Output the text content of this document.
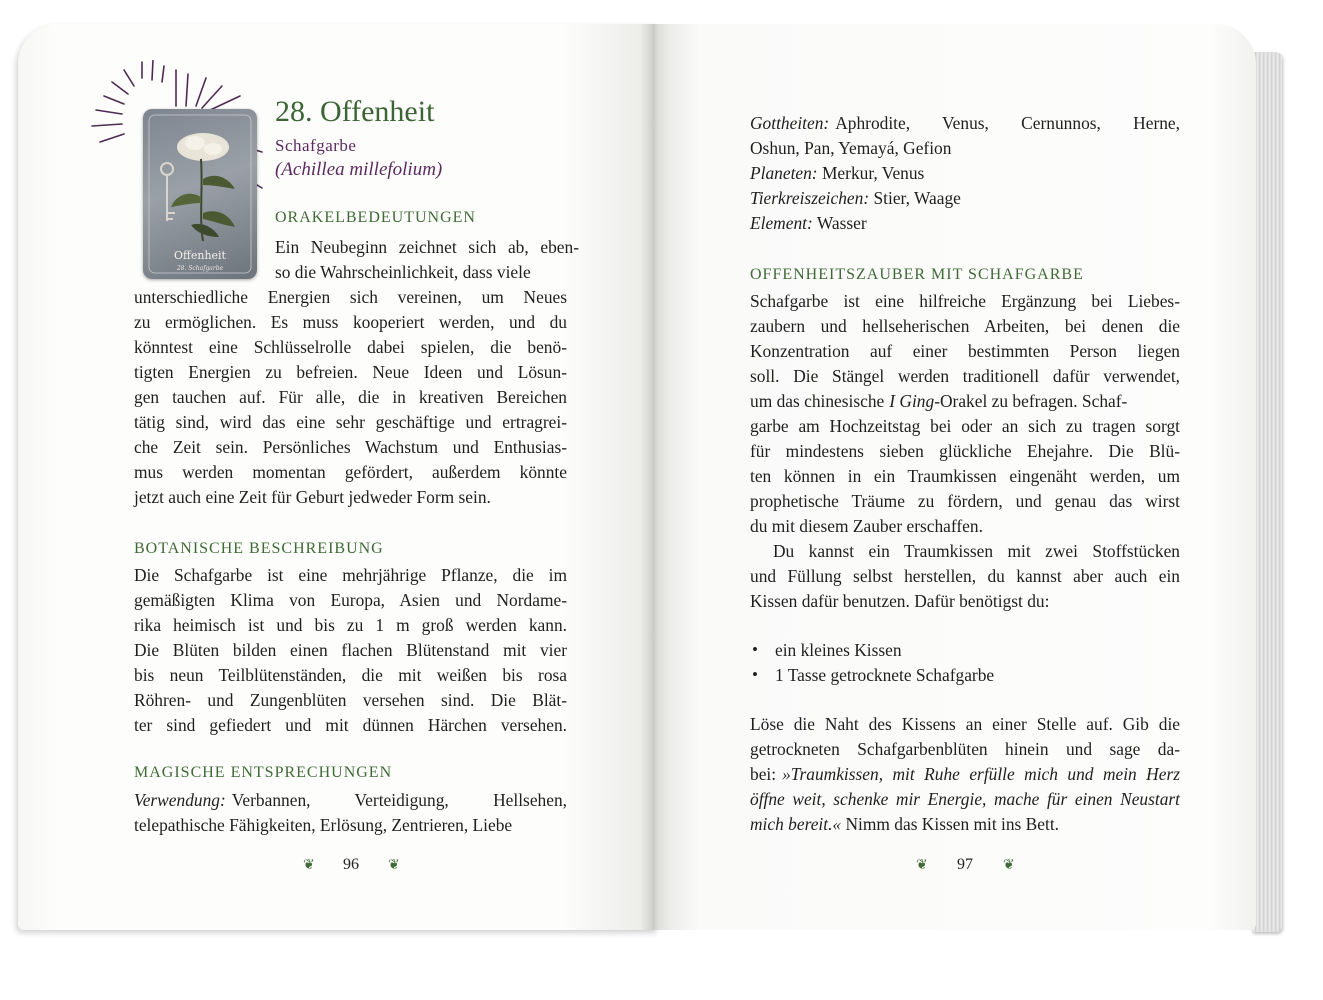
Offenheit
28. Schafgarbe
28. Offenheit
Schafgarbe
(Achillea millefolium)
ORAKELBEDEUTUNGEN
Ein Neubeginn zeichnet sich ab, eben-
so die Wahrscheinlichkeit, dass viele
unterschiedliche Energien sich vereinen, um Neues
zu ermöglichen. Es muss kooperiert werden, und du
könntest eine Schlüsselrolle dabei spielen, die benö-
tigten Energien zu befreien. Neue Ideen und Lösun-
gen tauchen auf. Für alle, die in kreativen Bereichen
tätig sind, wird das eine sehr geschäftige und ertragrei-
che Zeit sein. Persönliches Wachstum und Enthusias-
mus werden momentan gefördert, außerdem könnte
jetzt auch eine Zeit für Geburt jedweder Form sein.
BOTANISCHE BESCHREIBUNG
Die Schafgarbe ist eine mehrjährige Pflanze, die im
gemäßigten Klima von Europa, Asien und Nordame-
rika heimisch ist und bis zu 1 m groß werden kann.
Die Blüten bilden einen flachen Blütenstand mit vier
bis neun Teilblütenständen, die mit weißen bis rosa
Röhren- und Zungenblüten versehen sind. Die Blät-
ter sind gefiedert und mit dünnen Härchen versehen.
MAGISCHE ENTSPRECHUNGEN
Verwendung: Verbannen, Verteidigung, Hellsehen,
telepathische Fähigkeiten, Erlösung, Zentrieren, Liebe
❦ 96 ❦
Gottheiten: Aphrodite, Venus, Cernunnos, Herne,
Oshun, Pan, Yemayá, Gefion
Planeten: Merkur, Venus
Tierkreiszeichen: Stier, Waage
Element: Wasser
OFFENHEITSZAUBER MIT SCHAFGARBE
Schafgarbe ist eine hilfreiche Ergänzung bei Liebes-
zaubern und hellseherischen Arbeiten, bei denen die
Konzentration auf einer bestimmten Person liegen
soll. Die Stängel werden traditionell dafür verwendet,
um das chinesische I Ging -Orakel zu befragen. Schaf-
garbe am Hochzeitstag bei oder an sich zu tragen sorgt
für mindestens sieben glückliche Ehejahre. Die Blü-
ten können in ein Traumkissen eingenäht werden, um
prophetische Träume zu fördern, und genau das wirst
du mit diesem Zauber erschaffen.
Du kannst ein Traumkissen mit zwei Stoffstücken
und Füllung selbst herstellen, du kannst aber auch ein
Kissen dafür benutzen. Dafür benötigst du:
• ein kleines Kissen
• 1 Tasse getrocknete Schafgarbe
Löse die Naht des Kissens an einer Stelle auf. Gib die
getrockneten Schafgarbenblüten hinein und sage da-
bei: »Traumkissen, mit Ruhe erfülle mich und mein Herz
öffne weit, schenke mir Energie, mache für einen Neustart
mich bereit.« Nimm das Kissen mit ins Bett.
❦ 97 ❦
